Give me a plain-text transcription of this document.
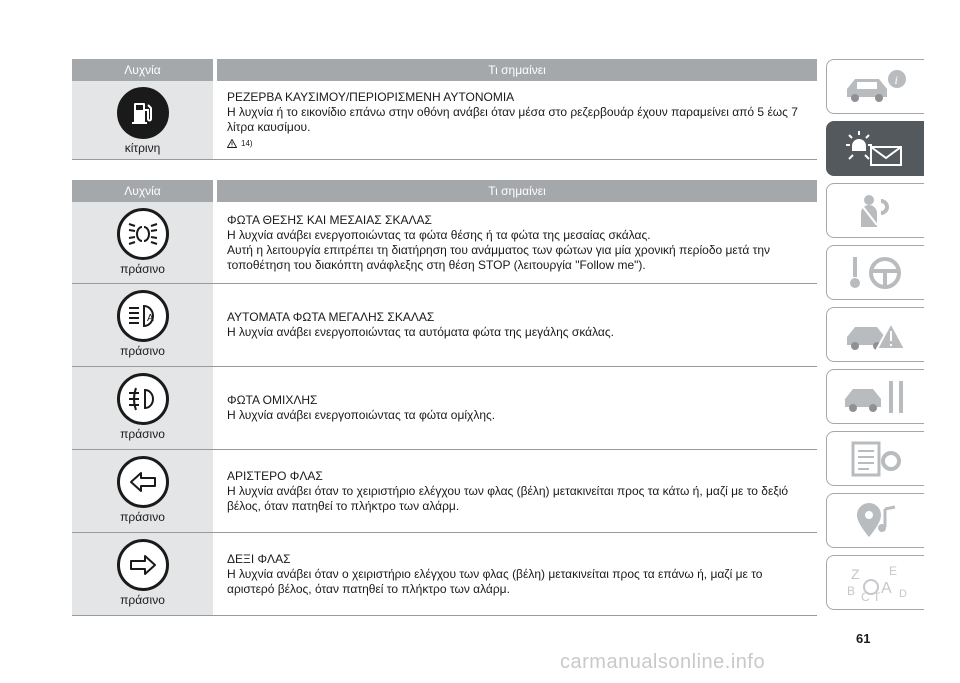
Λυχνία	Τι σημαίνει
κίτρινη
ΡΕΖΕΡΒΑ ΚΑΥΣΙΜΟΥ/ΠΕΡΙΟΡΙΣΜΕΝΗ ΑΥΤΟΝΟΜΙΑ
Η λυχνία ή το εικονίδιο επάνω στην οθόνη ανάβει όταν μέσα στο ρεζερβουάρ έχουν παραμείνει από 5 έως 7 λίτρα καυσίμου.
14)
Λυχνία	Τι σημαίνει
πράσινο
ΦΩΤΑ ΘΕΣΗΣ ΚΑΙ ΜΕΣΑΙΑΣ ΣΚΑΛΑΣ
Η λυχνία ανάβει ενεργοποιώντας τα φώτα θέσης ή τα φώτα της μεσαίας σκάλας.
Αυτή η λειτουργία επιτρέπει τη διατήρηση του ανάμματος των φώτων για μία χρονική περίοδο μετά την τοποθέτηση του διακόπτη ανάφλεξης στη θέση STOP (λειτουργία "Follow me").
A
πράσινο
ΑΥΤΟΜΑΤΑ ΦΩΤΑ ΜΕΓΑΛΗΣ ΣΚΑΛΑΣ
Η λυχνία ανάβει ενεργοποιώντας τα αυτόματα φώτα της μεγάλης σκάλας.
πράσινο
ΦΩΤΑ ΟΜΙΧΛΗΣ
Η λυχνία ανάβει ενεργοποιώντας τα φώτα ομίχλης.
πράσινο
ΑΡΙΣΤΕΡΟ ΦΛΑΣ
Η λυχνία ανάβει όταν το χειριστήριο ελέγχου των φλας (βέλη) μετακινείται προς τα κάτω ή, μαζί με το δεξιό βέλος, όταν πατηθεί το πλήκτρο των αλάρμ.
πράσινο
ΔΕΞΙ ΦΛΑΣ
Η λυχνία ανάβει όταν ο χειριστήριο ελέγχου των φλας (βέλη) μετακινείται προς τα επάνω ή, μαζί με το αριστερό βέλος, όταν πατηθεί το πλήκτρο των αλάρμ.
i
Z E
B A
C T D
61
carmanualsonline.info
